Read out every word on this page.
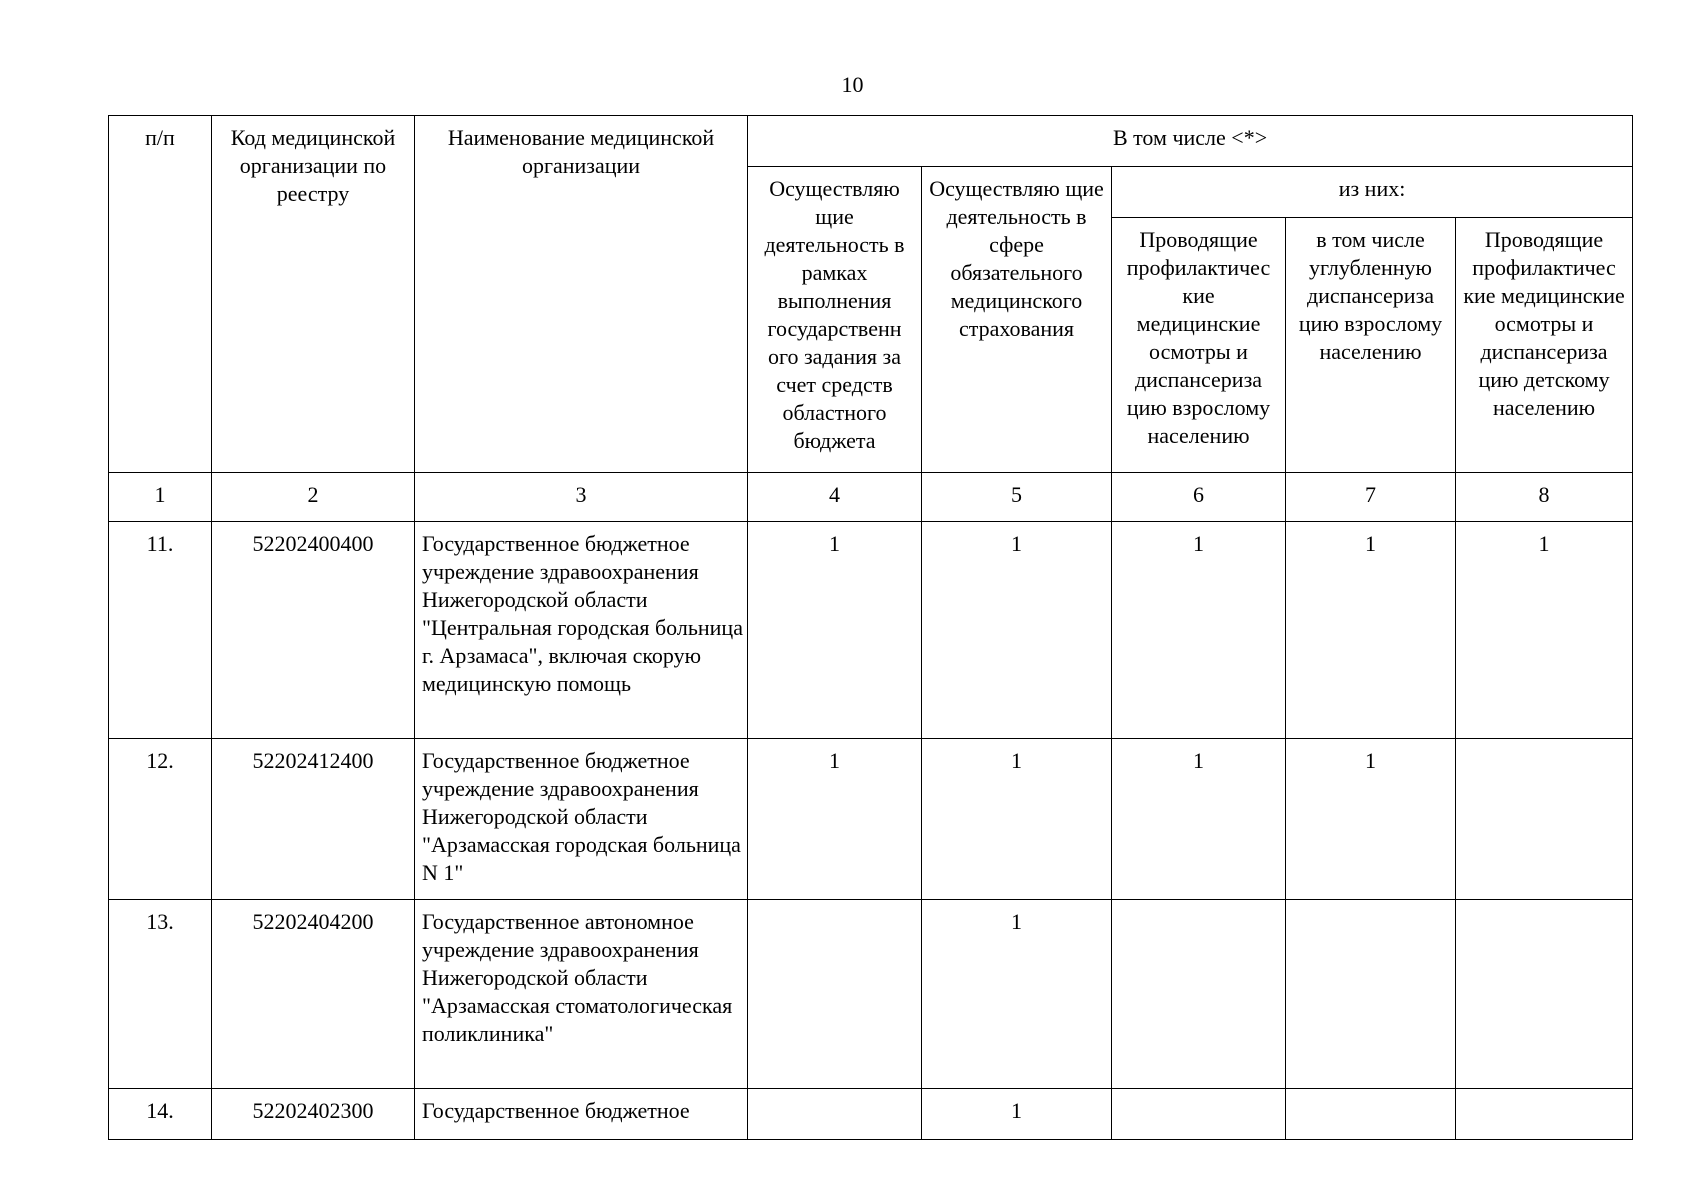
10
п/п	Код медицинской организации по реестру	Наименование медицинской организации	В том числе <*>				
			Осуществляю щие деятельность в рамках выполнения государственн ого задания за счет средств областного бюджета	Осуществляю щие деятельность в сфере обязательного медицинского страхования	из них:		
					Проводящие профилактичес кие медицинские осмотры и диспансериза цию взрослому населению	в том числе углубленную диспансериза цию взрослому населению	Проводящие профилактичес кие медицинские осмотры и диспансериза цию детскому населению
1	2	3	4	5	6	7	8
11.	52202400400	Государственное бюджетное учреждение здравоохранения Нижегородской области "Центральная городская больница г. Арзамаса", включая скорую медицинскую помощь	1	1	1	1	1
12.	52202412400	Государственное бюджетное учреждение здравоохранения Нижегородской области "Арзамасская городская больница N 1"	1	1	1	1	
13.	52202404200	Государственное автономное учреждение здравоохранения Нижегородской области "Арзамасская стоматологическая поликлиника"		1			
14.	52202402300	Государственное бюджетное		1			
